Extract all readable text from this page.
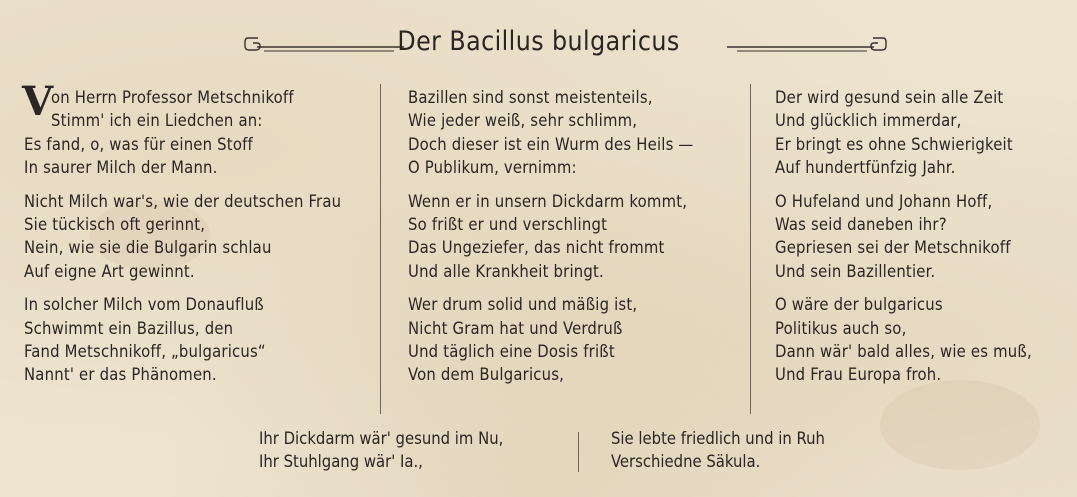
Der Bacillus bulgaricus
V
on Herrn Professor Metschnikoff
Stimm' ich ein Liedchen an:
Es fand, o, was für einen Stoff
In saurer Milch der Mann.
Nicht Milch war's, wie der deutschen Frau
Sie tückisch oft gerinnt,
Nein, wie sie die Bulgarin schlau
Auf eigne Art gewinnt.
In solcher Milch vom Donaufluß
Schwimmt ein Bazillus, den
Fand Metschnikoff, „bulgaricus“
Nannt' er das Phänomen.
Bazillen sind sonst meistenteils,
Wie jeder weiß, sehr schlimm,
Doch dieser ist ein Wurm des Heils —
O Publikum, vernimm:
Wenn er in unsern Dickdarm kommt,
So frißt er und verschlingt
Das Ungeziefer, das nicht frommt
Und alle Krankheit bringt.
Wer drum solid und mäßig ist,
Nicht Gram hat und Verdruß
Und täglich eine Dosis frißt
Von dem Bulgaricus,
Der wird gesund sein alle Zeit
Und glücklich immerdar,
Er bringt es ohne Schwierigkeit
Auf hundertfünfzig Jahr.
O Hufeland und Johann Hoff,
Was seid daneben ihr?
Gepriesen sei der Metschnikoff
Und sein Bazillentier.
O wäre der bulgaricus
Politikus auch so,
Dann wär' bald alles, wie es muß,
Und Frau Europa froh.
Ihr Dickdarm wär' gesund im Nu,
Ihr Stuhlgang wär' Ia.,
Sie lebte friedlich und in Ruh
Verschiedne Säkula.
